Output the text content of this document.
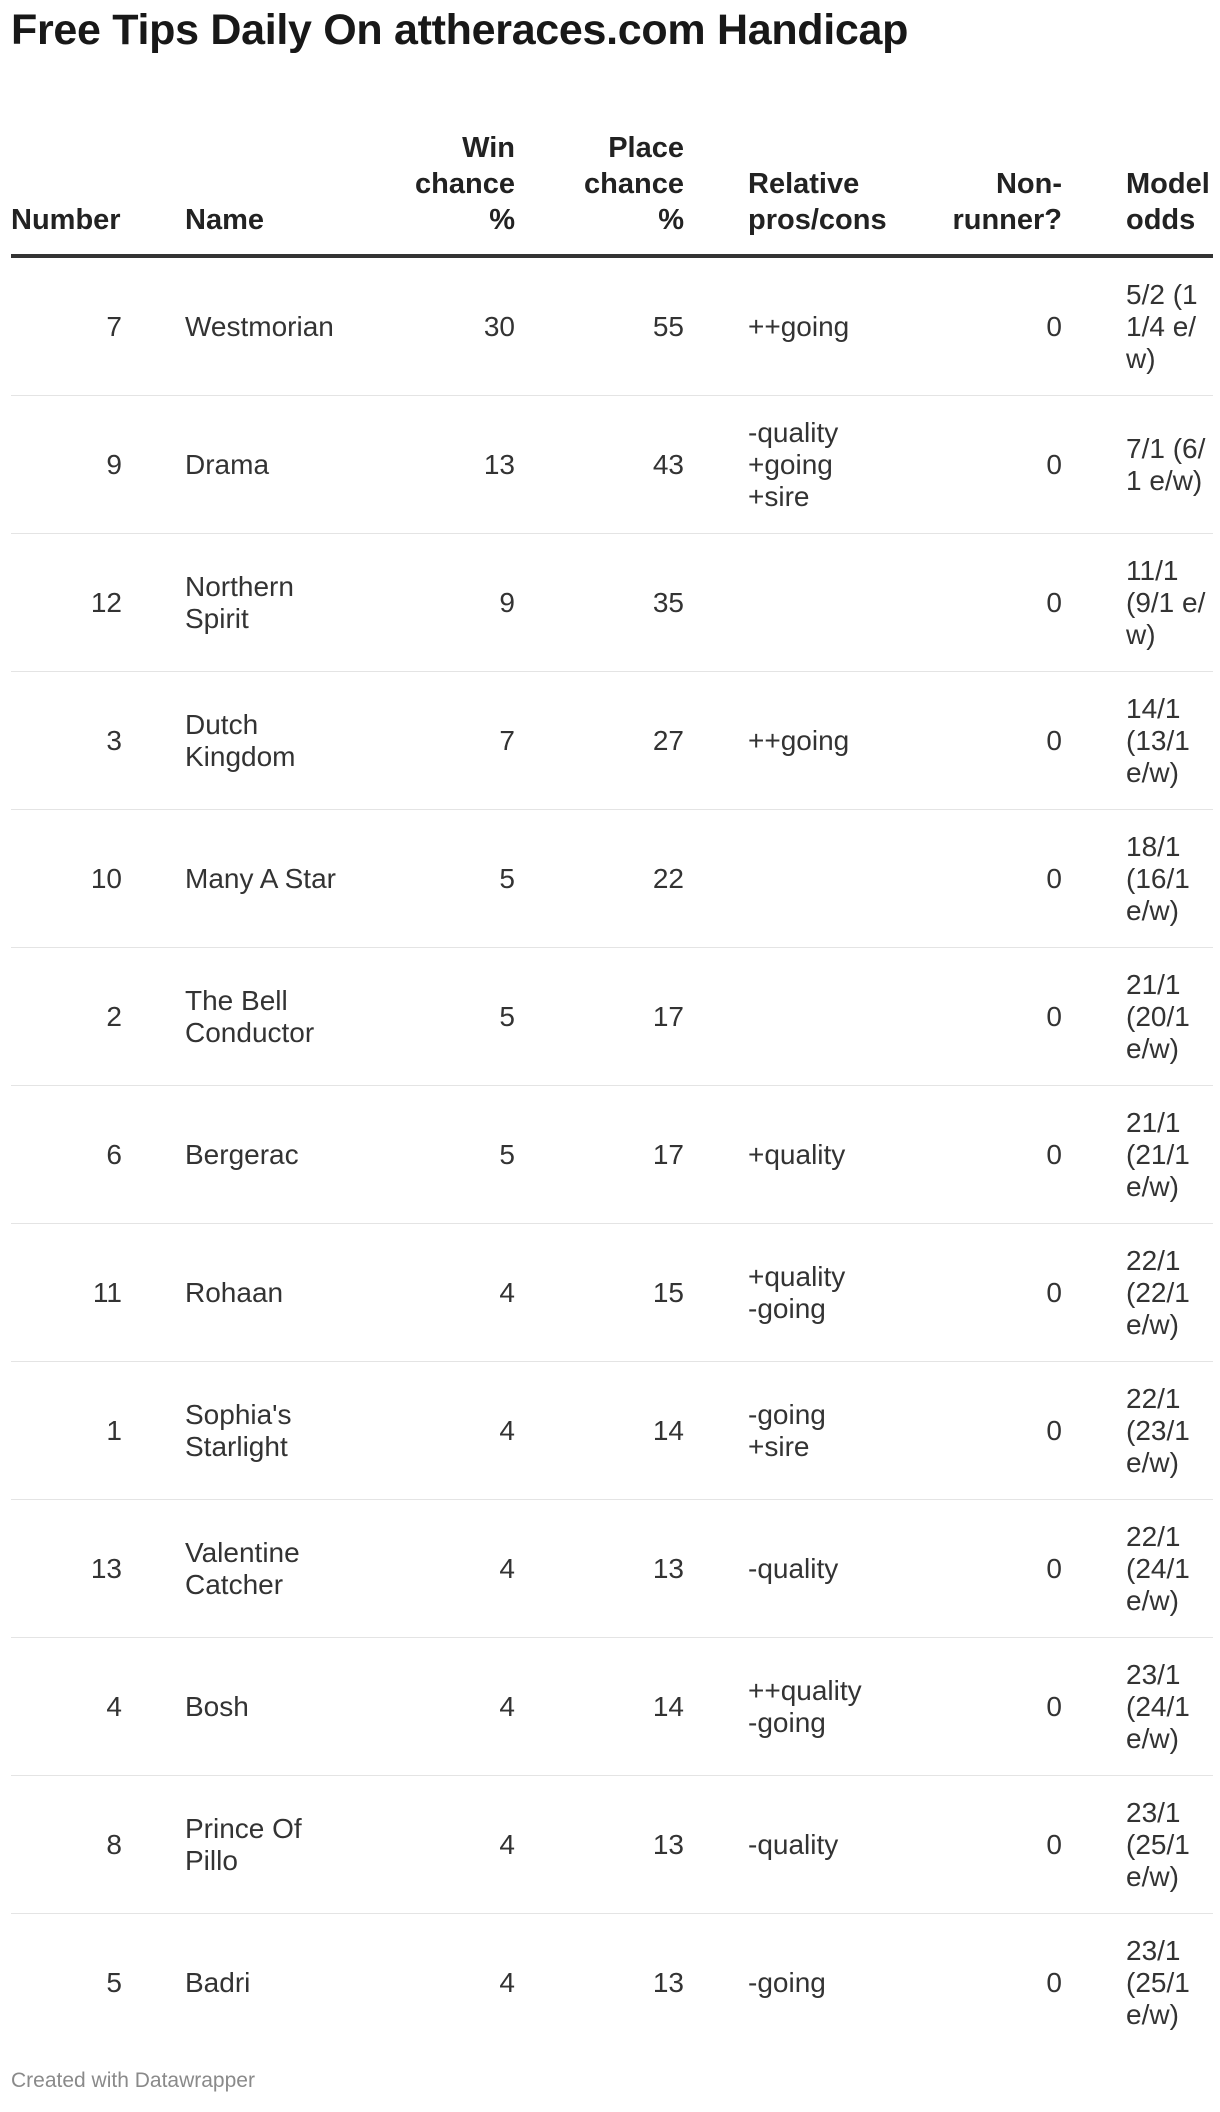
Free Tips Daily On attheraces.com Handicap
Number		Name	Win
chance
%	Place
chance
%		Relative
pros/cons	Non-
runner?		Model
odds

7		Westmorian	30	55		++going	0		5/2 (11/4 e/w)

9		Drama	13	43		-quality
+going
+sire	0		7/1 (6/1 e/w)

12		Northern Spirit	9	35			0		11/1 (9/1 e/w)

3		Dutch Kingdom	7	27		++going	0		14/1 (13/1 e/w)

10		Many A Star	5	22			0		18/1 (16/1 e/w)

2		The Bell Conductor	5	17			0		21/1 (20/1 e/w)

6		Bergerac	5	17		+quality	0		21/1 (21/1 e/w)

11		Rohaan	4	15		+quality
-going	0		22/1 (22/1 e/w)

1		Sophia's Starlight	4	14		-going
+sire	0		22/1 (23/1 e/w)

13		Valentine Catcher	4	13		-quality	0		22/1 (24/1 e/w)

4		Bosh	4	14		++quality
-going	0		23/1 (24/1 e/w)

8		Prince Of Pillo	4	13		-quality	0		23/1 (25/1 e/w)

5		Badri	4	13		-going	0		23/1 (25/1 e/w)
Created with Datawrapper
